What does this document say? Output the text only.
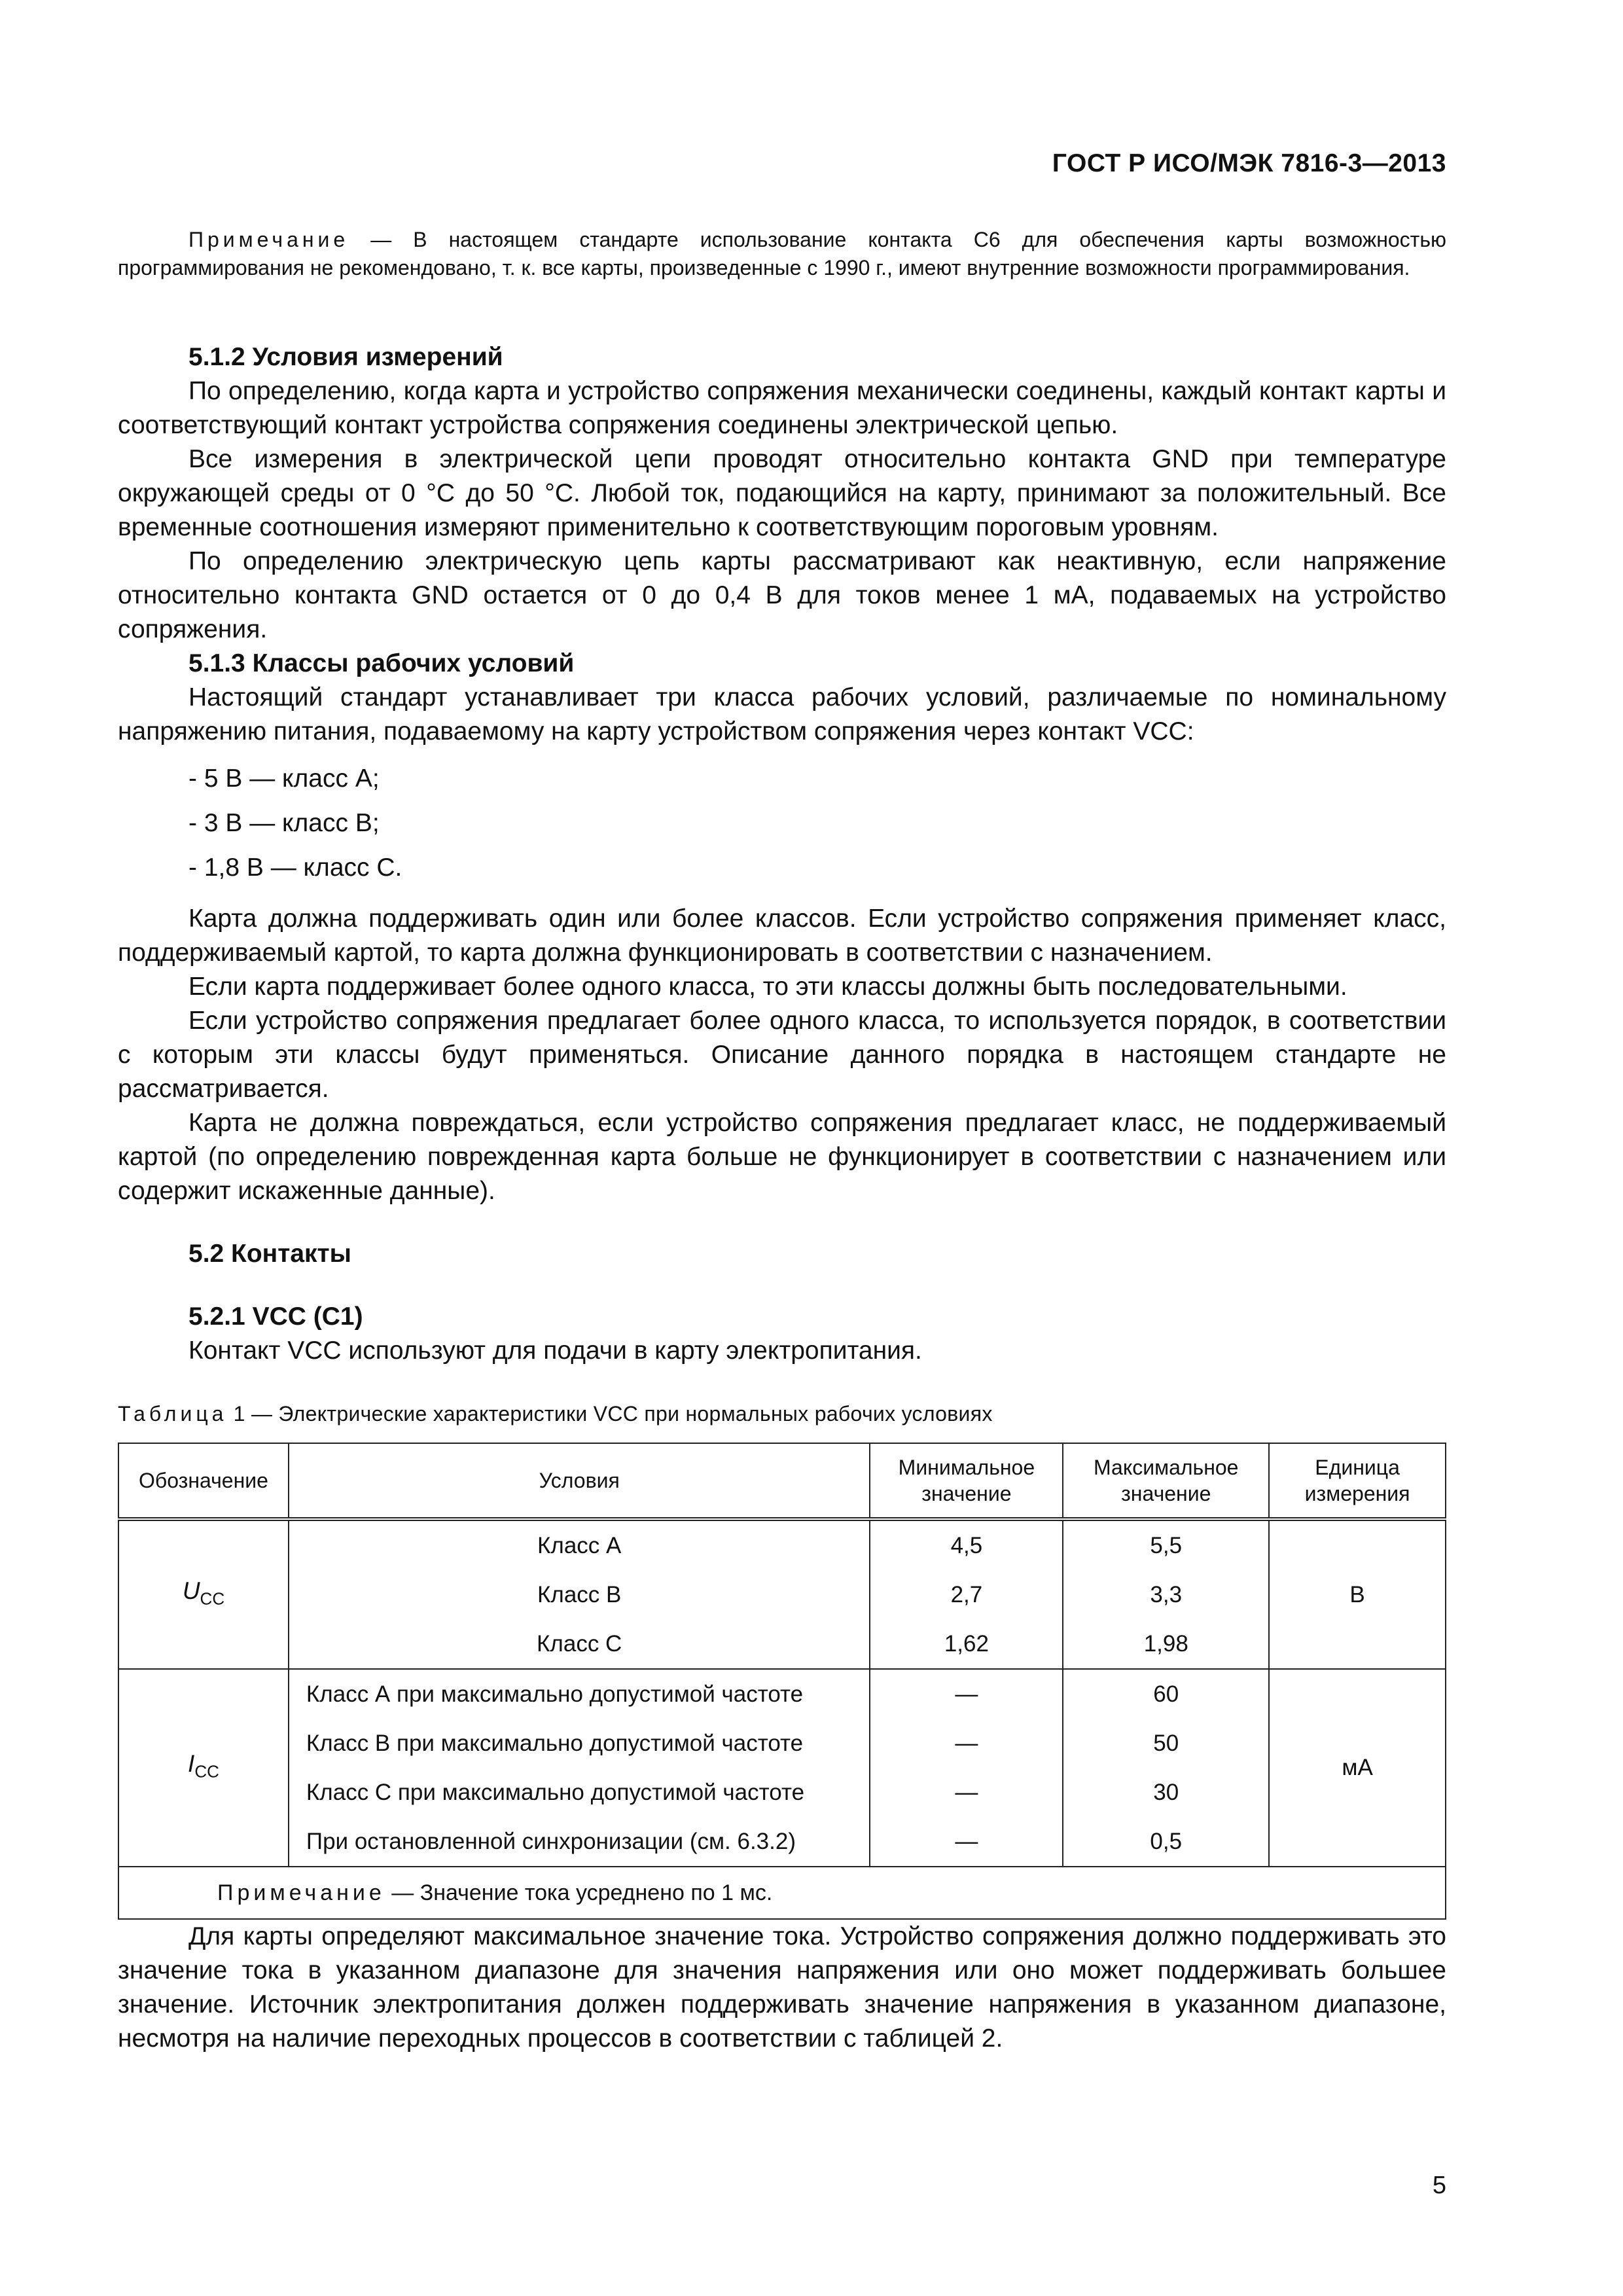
ГОСТ Р ИСО/МЭК 7816-3—2013
Примечание — В настоящем стандарте использование контакта С6 для обеспечения карты возможностью программирования не рекомендовано, т. к. все карты, произведенные с 1990 г., имеют внутренние возможности программирования.
5.1.2 Условия измерений

По определению, когда карта и устройство сопряжения механически соединены, каждый контакт карты и соответствующий контакт устройства сопряжения соединены электрической цепью.

Все измерения в электрической цепи проводят относительно контакта GND при температуре окружающей среды от 0 °С до 50 °С. Любой ток, подающийся на карту, принимают за положительный. Все временные соотношения измеряют применительно к соответствующим пороговым уровням.

По определению электрическую цепь карты рассматривают как неактивную, если напряжение относительно контакта GND остается от 0 до 0,4 В для токов менее 1 мА, подаваемых на устройство сопряжения.

5.1.3 Классы рабочих условий

Настоящий стандарт устанавливает три класса рабочих условий, различаемые по номинальному напряжению питания, подаваемому на карту устройством сопряжения через контакт VCC:

- 5 В — класс А;
- 3 В — класс В;
- 1,8 В — класс С.

Карта должна поддерживать один или более классов. Если устройство сопряжения применяет класс, поддерживаемый картой, то карта должна функционировать в соответствии с назначением.

Если карта поддерживает более одного класса, то эти классы должны быть последовательными.

Если устройство сопряжения предлагает более одного класса, то используется порядок, в соответствии с которым эти классы будут применяться. Описание данного порядка в настоящем стандарте не рассматривается.

Карта не должна повреждаться, если устройство сопряжения предлагает класс, не поддерживаемый картой (по определению поврежденная карта больше не функционирует в соответствии с назначением или содержит искаженные данные).

5.2 Контакты
5.2.1 VCC (C1)

Контакт VCC используют для подачи в карту электропитания.

Таблица 1 — Электрические характеристики VCC при нормальных рабочих условиях
Обозначение	Условия	Минимальное значение	Максимальное значение	Единица измерения
$U_{CC}$	Класс А	4,5	5,5	В
	Класс В	2,7	3,3	
	Класс С	1,62	1,98	
$I_{CC}$	Класс А при максимально допустимой частоте	—	60	мА
	Класс В при максимально допустимой частоте	—	50	
	Класс С при максимально допустимой частоте	—	30	
	При остановленной синхронизации (см. 6.3.2)	—	0,5	
Примечание — Значение тока усреднено по 1 мс.				

Для карты определяют максимальное значение тока. Устройство сопряжения должно поддерживать это значение тока в указанном диапазоне для значения напряжения или оно может поддерживать большее значение. Источник электропитания должен поддерживать значение напряжения в указанном диапазоне, несмотря на наличие переходных процессов в соответствии с таблицей 2.

5
